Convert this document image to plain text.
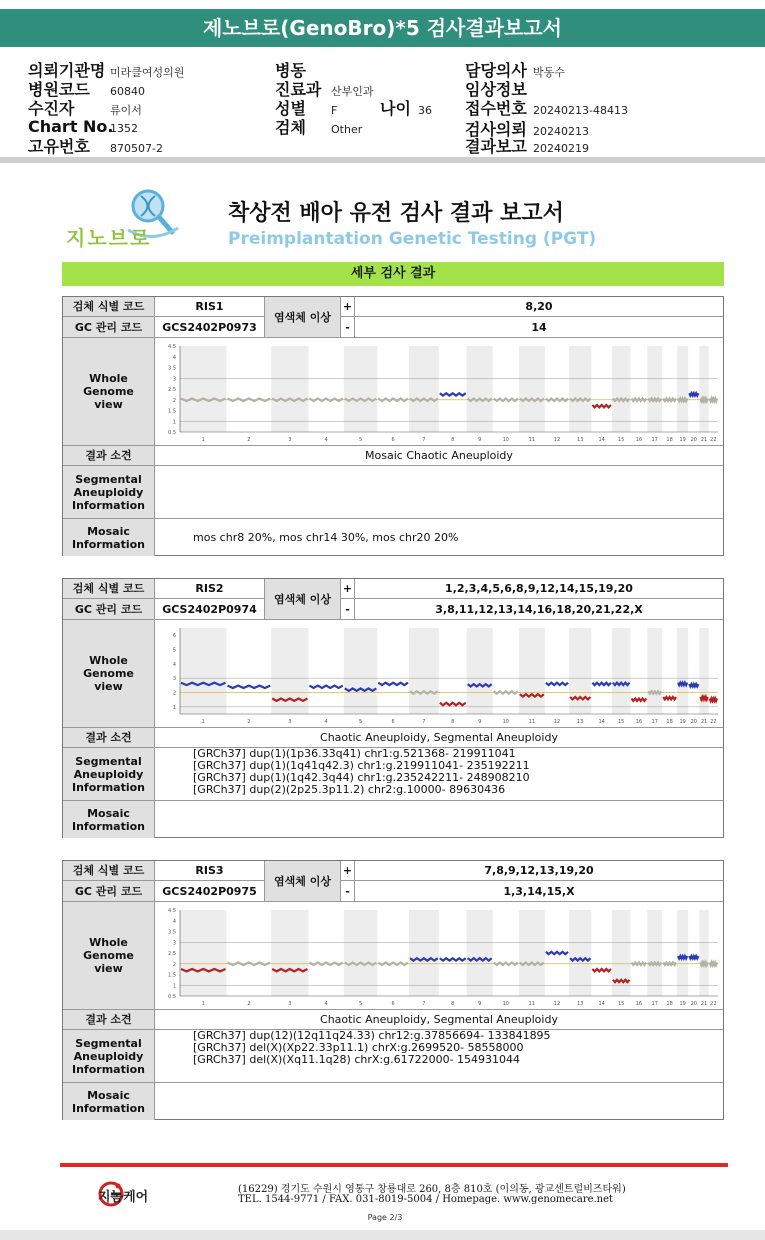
제노브로(GenoBro)*5 검사결과보고서
의뢰기관명 미라클여성의원
병원코드 60840
수진자	류이서
Chart No.1352
고유번호 870507-2
병동
진료과 산부인과
성별 F	나이 36
검체 Other
담당의사 박동수
임상정보
접수번호 20240213-48413
검사의뢰 20240213
결과보고 20240219
지노브로
착상전 배아 유전 검사 결과 보고서
Preimplantation Genetic Testing (PGT)
세부 검사 결과
검체 식별 코드	RIS1	+	8,20
GC 관리 코드	GCS2402P0973	-	14
염색체 이상
Whole Genome view
4.5
4
3.5
3
2.5
2
1.5
1
0.5
1	2	3	4	5	6	7	8	9	10	11	12	13	14	15 16 17 18 19 20 21 22
결과 소견	Mosaic Chaotic Aneuploidy
Segmental Aneuploidy Information
Mosaic Information	mos chr8 20%, mos chr14 30%, mos chr20 20%
검체 식별 코드	RIS2	+	1,2,3,4,5,6,8,9,12,14,15,19,20
GC 관리 코드	GCS2402P0974	-	3,8,11,12,13,14,16,18,20,21,22,X
염색체 이상
Whole Genome view
6
5
4
3
2
1
1	2	3	4	5	6	7	8	9	10	11	12	13	14	15 16 17 18 19 20 21 22
결과 소견	Chaotic Aneuploidy, Segmental Aneuploidy
Segmental Aneuploidy Information
[GRCh37] dup(1)(1p36.33q41) chr1:g.521368- 219911041
[GRCh37] dup(1)(1q41q42.3) chr1:g.219911041- 235192211
[GRCh37] dup(1)(1q42.3q44) chr1:g.235242211- 248908210
[GRCh37] dup(2)(2p25.3p11.2) chr2:g.10000- 89630436
Mosaic Information
검체 식별 코드	RIS3	+	7,8,9,12,13,19,20
GC 관리 코드	GCS2402P0975	-	1,3,14,15,X
염색체 이상
Whole Genome view
4.5
4
3.5
3
2.5
2
1.5
1
0.5
1	2	3	4	5	6	7	8	9	10	11	12	13	14	15 16 17 18 19 20 21 22
결과 소견	Chaotic Aneuploidy, Segmental Aneuploidy
Segmental Aneuploidy Information
[GRCh37] dup(12)(12q11q24.33) chr12:g.37856694- 133841895
[GRCh37] del(X)(Xp22.33p11.1) chrX:g.2699520- 58558000
[GRCh37] del(X)(Xq11.1q28) chrX:g.61722000- 154931044
Mosaic Information
지놈케어
(16229) 경기도 수원시 영통구 창룡대로 260, 8층 810호 (이의동, 광교센트럴비즈타워)
TEL. 1544-9771 / FAX. 031-8019-5004 / Homepage. www.genomecare.net
Page 2/3
